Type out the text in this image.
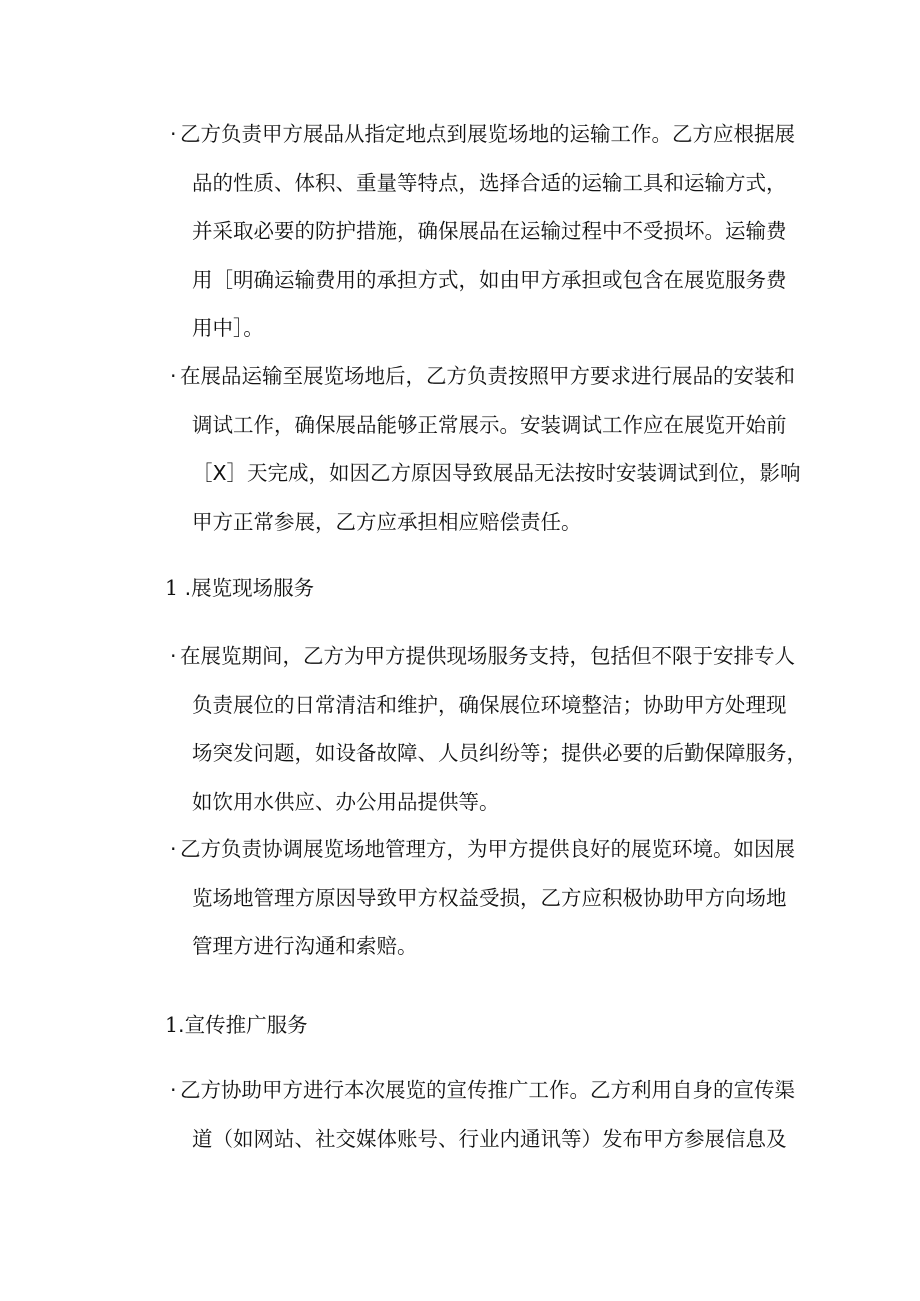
· 乙方负责甲方展品从指定地点到展览场地的运输工作。乙方应根据展
品的性质、体积、重量等特点，选择合适的运输工具和运输方式，
并采取必要的防护措施，确保展品在运输过程中不受损坏。运输费
用［明确运输费用的承担方式，如由甲方承担或包含在展览服务费
用中］。
· 在展品运输至展览场地后，乙方负责按照甲方要求进行展品的安装和
调试工作，确保展品能够正常展示。安装调试工作应在展览开始前
［X］天完成，如因乙方原因导致展品无法按时安装调试到位，影响
甲方正常参展，乙方应承担相应赔偿责任。
1 .展览现场服务
· 在展览期间，乙方为甲方提供现场服务支持，包括但不限于安排专人
负责展位的日常清洁和维护，确保展位环境整洁；协助甲方处理现
场突发问题，如设备故障、人员纠纷等；提供必要的后勤保障服务，
如饮用水供应、办公用品提供等。
· 乙方负责协调展览场地管理方，为甲方提供良好的展览环境。如因展
览场地管理方原因导致甲方权益受损，乙方应积极协助甲方向场地
管理方进行沟通和索赔。
1.宣传推广服务
· 乙方协助甲方进行本次展览的宣传推广工作。乙方利用自身的宣传渠
道（如网站、社交媒体账号、行业内通讯等）发布甲方参展信息及
